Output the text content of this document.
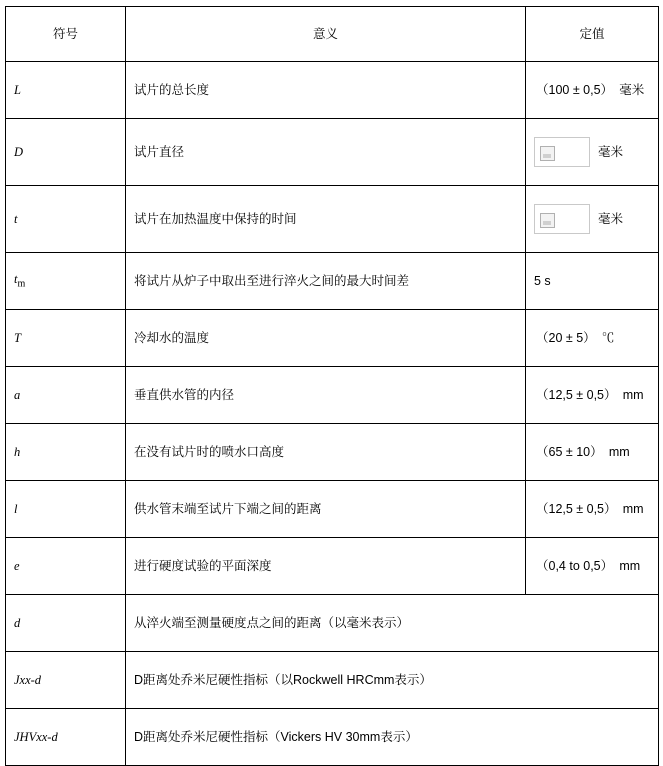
符号	意义	定值
L	试片的总长度	（100 ± 0,5）　毫米
D	试片直径	毫米
t	试片在加热温度中保持的时间	毫米
$t_m$	将试片从炉子中取出至进行淬火之间的最大时间差	5 s
T	冷却水的温度	（20 ± 5）　℃
a	垂直供水管的内径	（12,5 ± 0,5）　mm
h	在没有试片时的喷水口高度	（65 ± 10）　mm
l	供水管末端至试片下端之间的距离	（12,5 ± 0,5）　mm
e	进行硬度试验的平面深度	（0,4 to 0,5）　mm
d	从淬火端至测量硬度点之间的距离（以毫米表示）	
Jxx-d	D距离处乔米尼硬性指标（以Rockwell HRCmm表示）	
JHVxx-d	D距离处乔米尼硬性指标（Vickers HV 30mm表示）	
